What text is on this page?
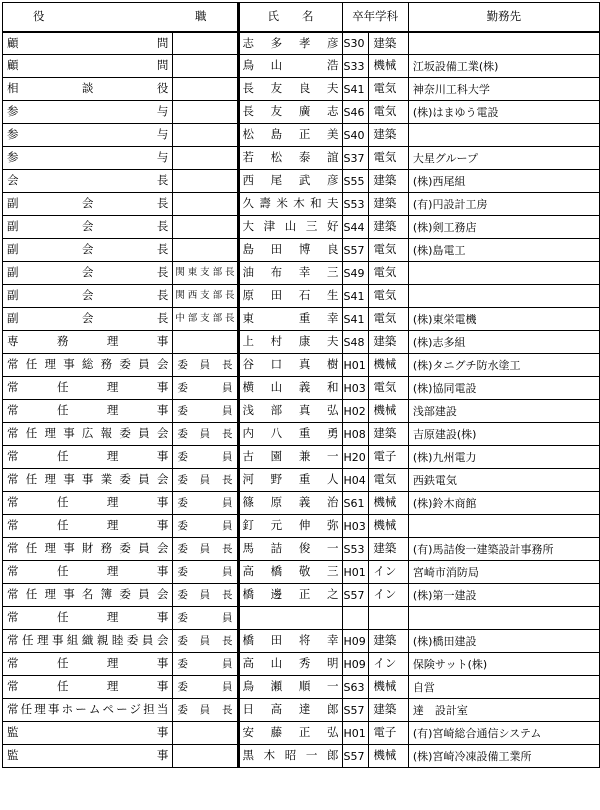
役　　　　職		氏　　名	卒年学科		勤務先
顧問		志多孝彦	S30	建築	
顧問		鳥山　浩	S33	機械	江坂設備工業(株)
相談役		長友良夫	S41	電気	神奈川工科大学
参与		長友廣志	S46	電気	(株)はまゆう電設
参与		松島正美	S40	建築	
参与		若松泰誼	S37	電気	大星グループ
会長		西尾武彦	S55	建築	(株)西尾組
副会長		久壽米木和夫	S53	建築	(有)円設計工房
副会長		大津山三好	S44	建築	(株)剣工務店
副会長		島田博良	S57	電気	(株)島電工
副会長	関東支部長	油布幸三	S49	電気	
副会長	関西支部長	原田石生	S41	電気	
副会長	中部支部長	東　重幸	S41	電気	(株)東栄電機
専務理事		上村康夫	S48	建築	(株)志多組
常任理事総務委員会	委員長	谷口真樹	H01	機械	(株)タニグチ防水塗工
常任理事	委員	横山義和	H03	電気	(株)協同電設
常任理事	委員	浅部真弘	H02	機械	浅部建設
常任理事広報委員会	委員長	内八重勇	H08	建築	吉原建設(株)
常任理事	委員	古園兼一	H20	電子	(株)九州電力
常任理事事業委員会	委員長	河野重人	H04	電気	西鉄電気
常任理事	委員	篠原義治	S61	機械	(株)鈴木商館
常任理事	委員	釘元伸弥	H03	機械	
常任理事財務委員会	委員長	馬詰俊一	S53	建築	(有)馬詰俊一建築設計事務所
常任理事	委員	高橋敬三	H01	イン	宮崎市消防局
常任理事名簿委員会	委員長	橋邊正之	S57	イン	(株)第一建設
常任理事	委員				
常任理事組織親睦委員会	委員長	橋田将幸	H09	建築	(株)橋田建設
常任理事	委員	高山秀明	H09	イン	保険サット(株)
常任理事	委員	鳥瀬順一	S63	機械	自営
常任理事ホームページ担当	委員長	日高達郎	S57	建築	達　設計室
監事		安藤正弘	H01	電子	(有)宮崎総合通信システム
監事		黒木昭一郎	S57	機械	(株)宮崎冷凍設備工業所
